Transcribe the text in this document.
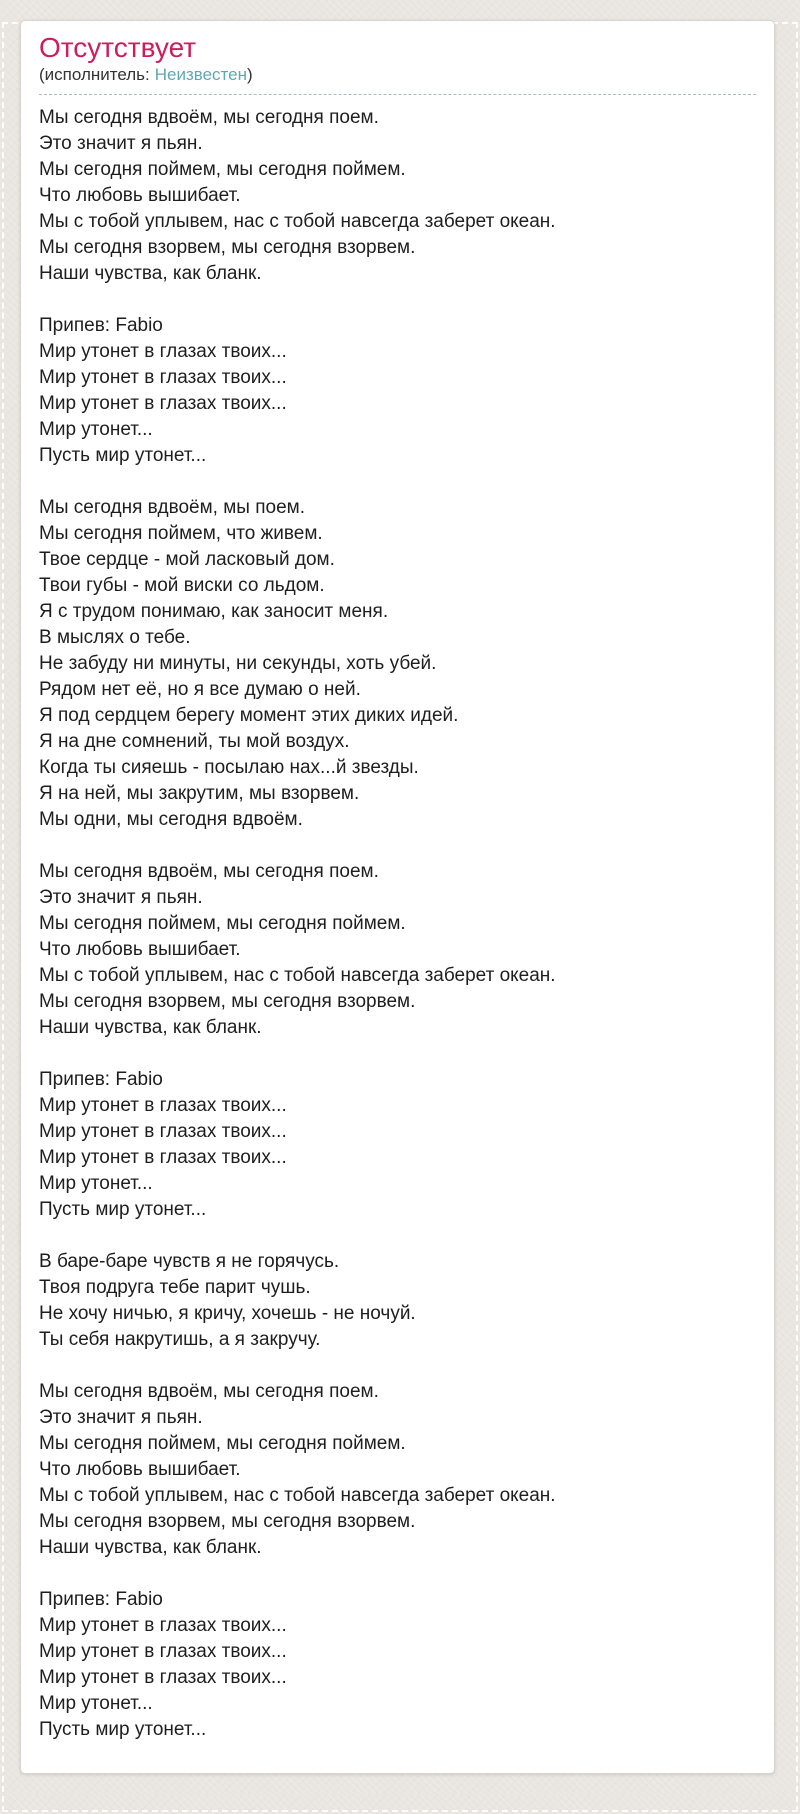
Отсутствует
(исполнитель: Неизвестен)
Мы сегодня вдвоём, мы сегодня поем.
Это значит я пьян.
Мы сегодня поймем, мы сегодня поймем.
Что любовь вышибает.
Мы с тобой уплывем, нас с тобой навсегда заберет океан.
Мы сегодня взорвем, мы сегодня взорвем.
Наши чувства, как бланк.
Припев: Fabio
Мир утонет в глазах твоих...
Мир утонет в глазах твоих...
Мир утонет в глазах твоих...
Мир утонет...
Пусть мир утонет...
Мы сегодня вдвоём, мы поем.
Мы сегодня поймем, что живем.
Твое сердце - мой ласковый дом.
Твои губы - мой виски со льдом.
Я с трудом понимаю, как заносит меня.
В мыслях о тебе.
Не забуду ни минуты, ни секунды, хоть убей.
Рядом нет её, но я все думаю о ней.
Я под сердцем берегу момент этих диких идей.
Я на дне сомнений, ты мой воздух.
Когда ты сияешь - посылаю нах...й звезды.
Я на ней, мы закрутим, мы взорвем.
Мы одни, мы сегодня вдвоём.
Мы сегодня вдвоём, мы сегодня поем.
Это значит я пьян.
Мы сегодня поймем, мы сегодня поймем.
Что любовь вышибает.
Мы с тобой уплывем, нас с тобой навсегда заберет океан.
Мы сегодня взорвем, мы сегодня взорвем.
Наши чувства, как бланк.
Припев: Fabio
Мир утонет в глазах твоих...
Мир утонет в глазах твоих...
Мир утонет в глазах твоих...
Мир утонет...
Пусть мир утонет...
В баре-баре чувств я не горячусь.
Твоя подруга тебе парит чушь.
Не хочу ничью, я кричу, хочешь - не ночуй.
Ты себя накрутишь, а я закручу.
Мы сегодня вдвоём, мы сегодня поем.
Это значит я пьян.
Мы сегодня поймем, мы сегодня поймем.
Что любовь вышибает.
Мы с тобой уплывем, нас с тобой навсегда заберет океан.
Мы сегодня взорвем, мы сегодня взорвем.
Наши чувства, как бланк.
Припев: Fabio
Мир утонет в глазах твоих...
Мир утонет в глазах твоих...
Мир утонет в глазах твоих...
Мир утонет...
Пусть мир утонет...
